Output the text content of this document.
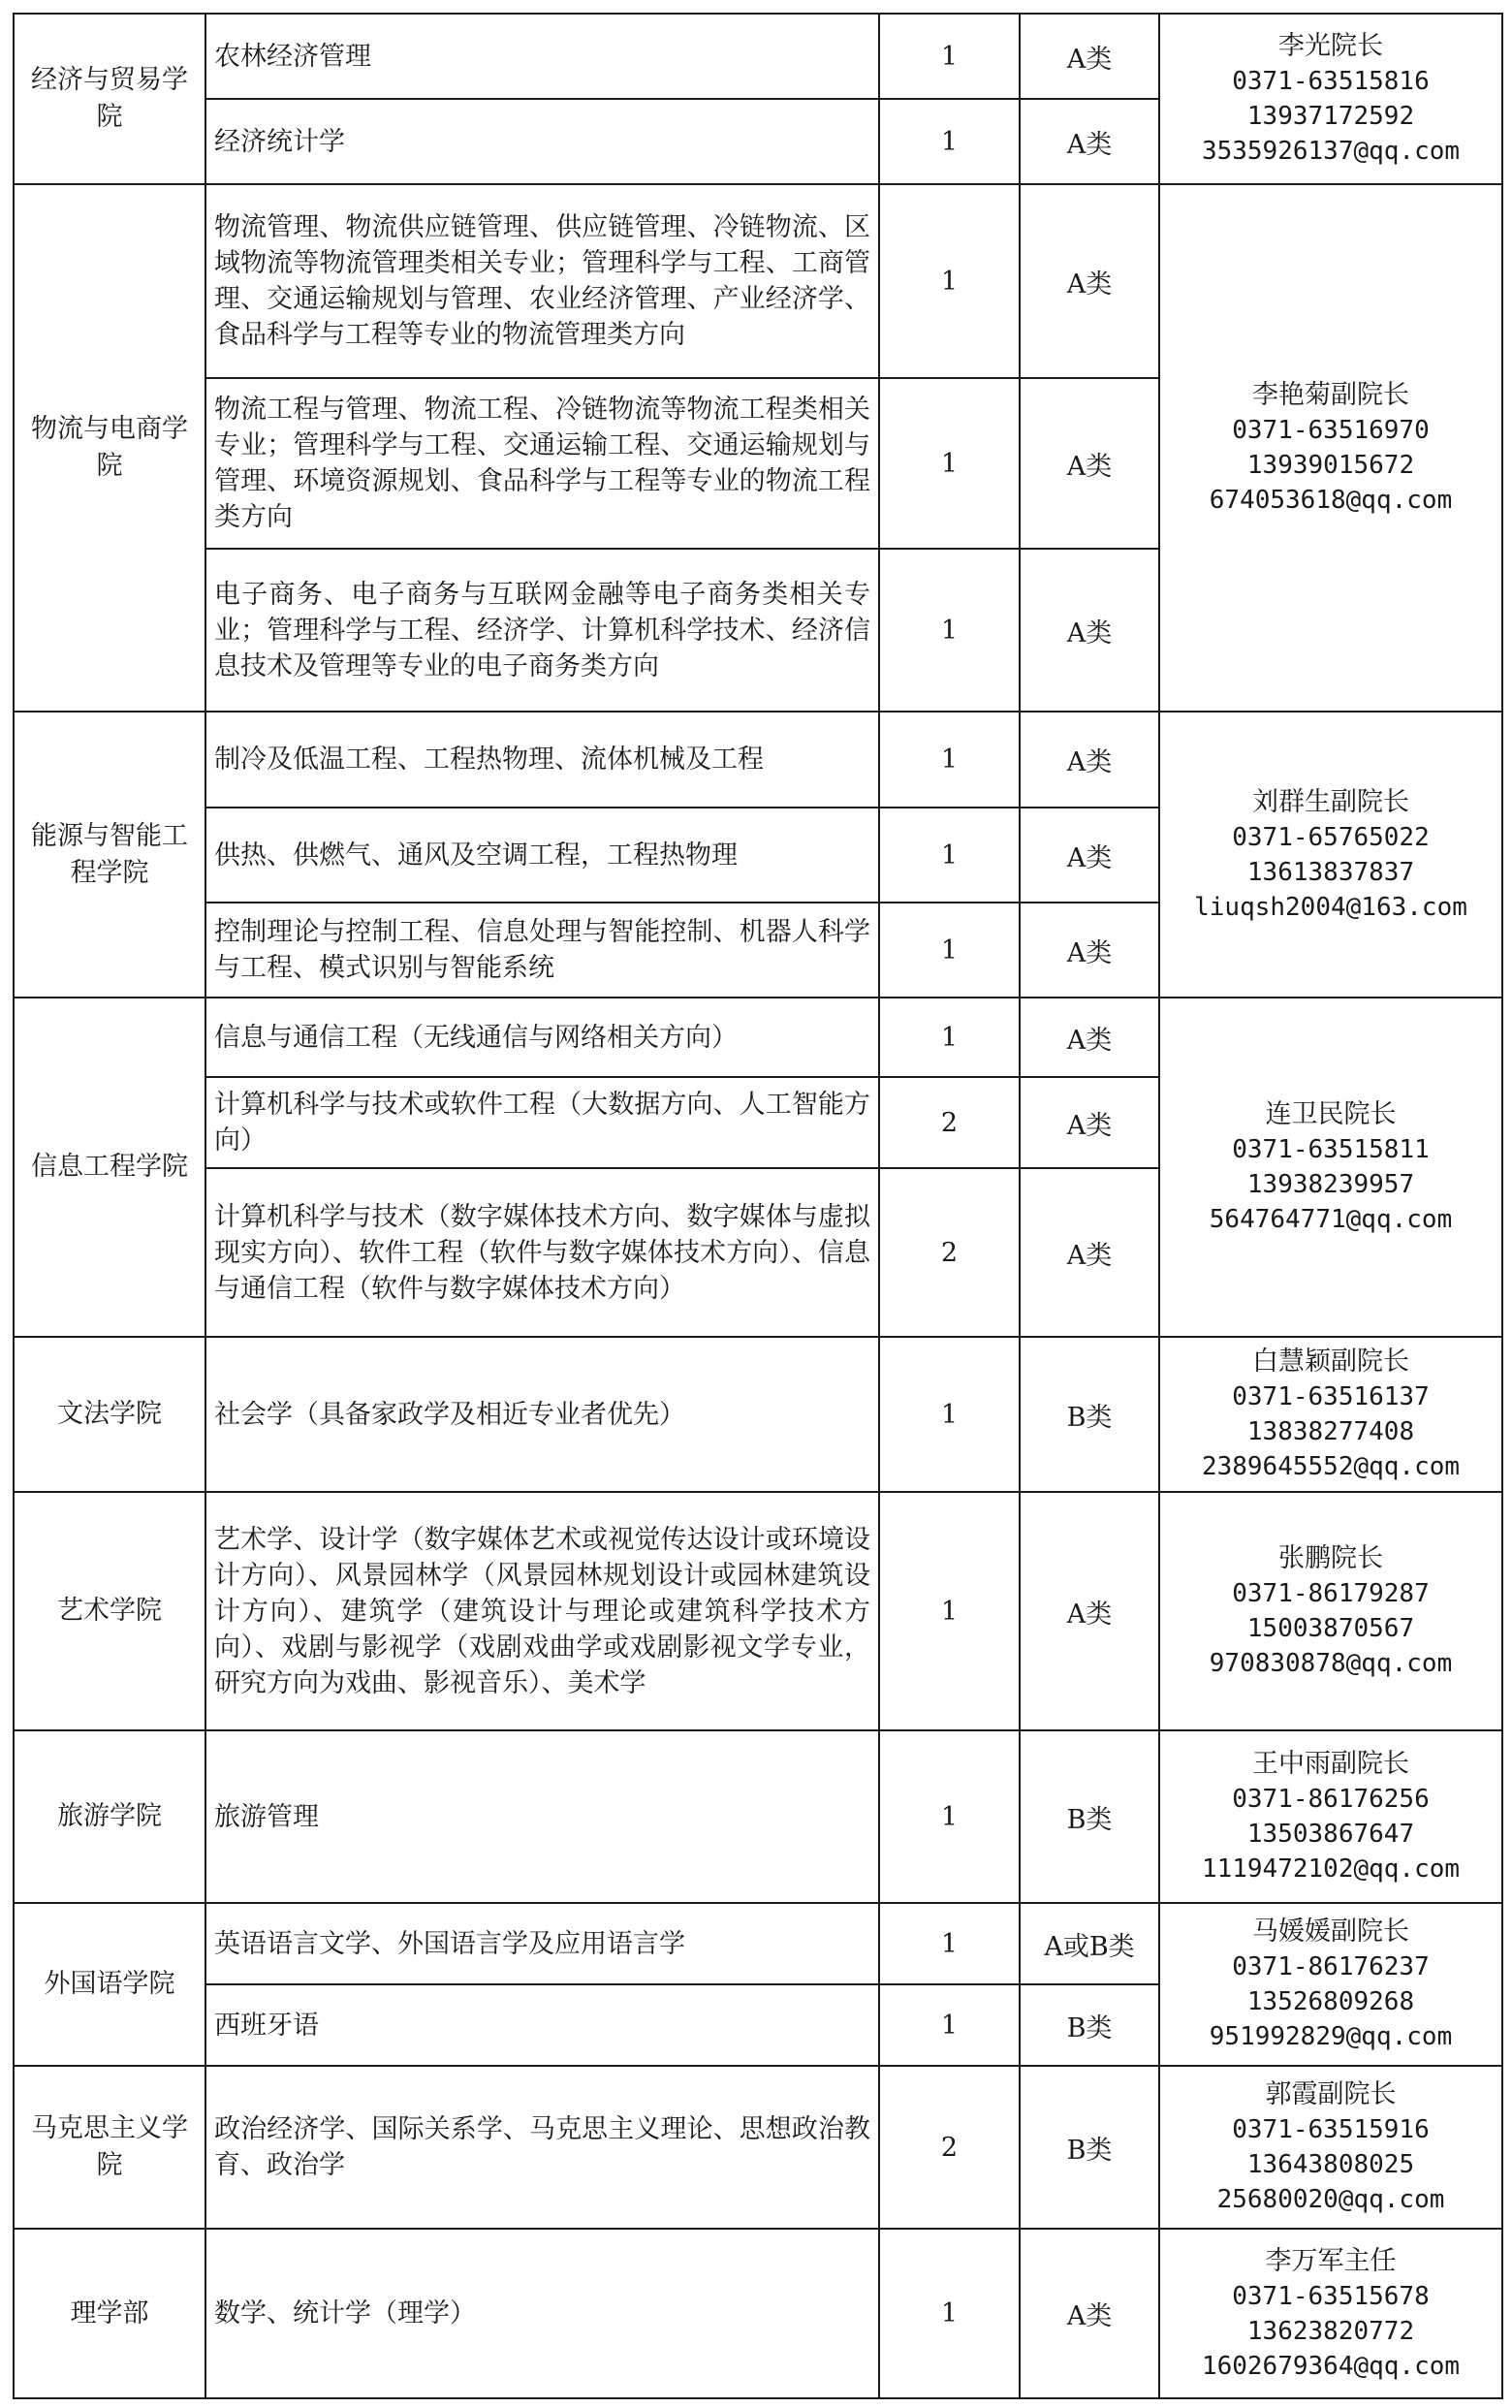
经济与贸易学院	农林经济管理	1	A类	李光院长
0371-63515816
13937172592
3535926137@qq.com

	经济统计学	1	A类	
物流与电商学院	物流管理、物流供应链管理、供应链管理、冷链物流、区域物流等物流管理类相关专业；管理科学与工程、工商管理、交通运输规划与管理、农业经济管理、产业经济学、食品科学与工程等专业的物流管理类方向	1	A类	李艳菊副院长
0371-63516970
13939015672
674053618@qq.com

	物流工程与管理、物流工程、冷链物流等物流工程类相关专业；管理科学与工程、交通运输工程、交通运输规划与管理、环境资源规划、食品科学与工程等专业的物流工程类方向	1	A类	
	电子商务、电子商务与互联网金融等电子商务类相关专业；管理科学与工程、经济学、计算机科学技术、经济信息技术及管理等专业的电子商务类方向	1	A类	
能源与智能工程学院	制冷及低温工程、工程热物理、流体机械及工程	1	A类	刘群生副院长
0371-65765022
13613837837
liuqsh2004@163.com

	供热、供燃气、通风及空调工程，工程热物理	1	A类	
	控制理论与控制工程、信息处理与智能控制、机器人科学与工程、模式识别与智能系统	1	A类	
信息工程学院	信息与通信工程（无线通信与网络相关方向）	1	A类	连卫民院长
0371-63515811
13938239957
564764771@qq.com

	计算机科学与技术或软件工程（大数据方向、人工智能方向）	2	A类	
	计算机科学与技术（数字媒体技术方向、数字媒体与虚拟现实方向）、软件工程（软件与数字媒体技术方向）、信息与通信工程（软件与数字媒体技术方向）	2	A类	
文法学院	社会学（具备家政学及相近专业者优先）	1	B类	白慧颖副院长
0371-63516137
13838277408
2389645552@qq.com

艺术学院	艺术学、设计学（数字媒体艺术或视觉传达设计或环境设计方向）、风景园林学（风景园林规划设计或园林建筑设计方向）、建筑学（建筑设计与理论或建筑科学技术方向）、戏剧与影视学（戏剧戏曲学或戏剧影视文学专业，研究方向为戏曲、影视音乐）、美术学	1	A类	张鹏院长
0371-86179287
15003870567
970830878@qq.com

旅游学院	旅游管理	1	B类	王中雨副院长
0371-86176256
13503867647
1119472102@qq.com

外国语学院	英语语言文学、外国语言学及应用语言学	1	A或B类	马媛媛副院长
0371-86176237
13526809268
951992829@qq.com

	西班牙语	1	B类	
马克思主义学院	政治经济学、国际关系学、马克思主义理论、思想政治教育、政治学	2	B类	郭霞副院长
0371-63515916
13643808025
25680020@qq.com

理学部	数学、统计学（理学）	1	A类	李万军主任
0371-63515678
13623820772
1602679364@qq.com
